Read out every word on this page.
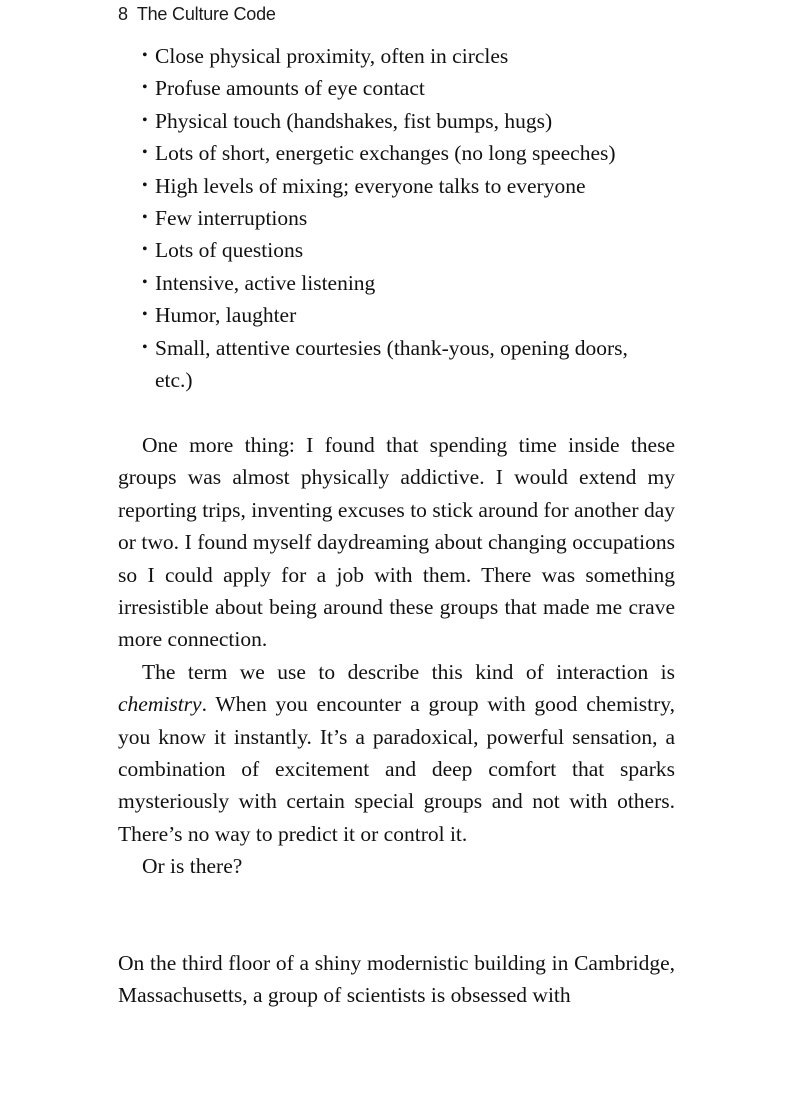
8 The Culture Code
• Close physical proximity, often in circles
• Profuse amounts of eye contact
• Physical touch (handshakes, fist bumps, hugs)
• Lots of short, energetic exchanges (no long speeches)
• High levels of mixing; everyone talks to everyone
• Few interruptions
• Lots of questions
• Intensive, active listening
• Humor, laughter
• Small, attentive courtesies (thank-yous, opening doors, etc.)

One more thing: I found that spending time inside these groups was almost physically addictive. I would extend my reporting trips, inventing excuses to stick around for another day or two. I found myself daydreaming about changing occupations so I could apply for a job with them. There was something irresistible about being around these groups that made me crave more connection.

The term we use to describe this kind of interaction is chemistry. When you encounter a group with good chemistry, you know it instantly. It’s a paradoxical, powerful sensation, a combination of excitement and deep comfort that sparks mysteriously with certain special groups and not with others. There’s no way to predict it or control it.

Or is there?

On the third floor of a shiny modernistic building in Cambridge, Massachusetts, a group of scientists is obsessed with
